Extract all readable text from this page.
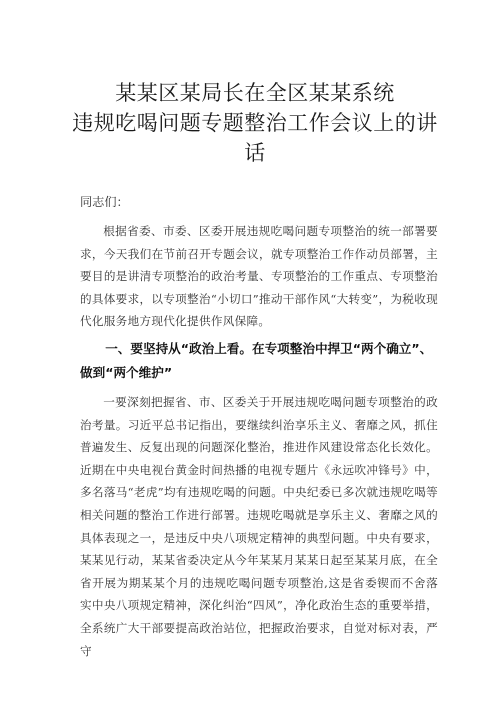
某某区某局长在全区某某系统
违规吃喝问题专题整治工作会议上的讲话
同志们：

根据省委、市委、区委开展违规吃喝问题专项整治的统一部署要求，今天我们在节前召开专题会议，就专项整治工作作动员部署，主要目的是讲清专项整治的政治考量、专项整治的工作重点、专项整治的具体要求，以专项整治“小切口”推动干部作风“大转变”，为税收现代化服务地方现代化提供作风保障。

一、要坚持从“政治上看。在专项整治中捍卫“两个确立”、做到“两个维护”

一要深刻把握省、市、区委关于开展违规吃喝问题专项整治的政治考量。习近平总书记指出，要继续纠治享乐主义、奢靡之风，抓住普遍发生、反复出现的问题深化整治，推进作风建设常态化长效化。近期在中央电视台黄金时间热播的电视专题片《永远吹冲锋号》中，多名落马“老虎”均有违规吃喝的问题。中央纪委已多次就违规吃喝等相关问题的整治工作进行部署。违规吃喝就是享乐主义、奢靡之风的具体表现之一，是违反中央八项规定精神的典型问题。中央有要求，某某见行动，某某省委决定从今年某某月某某日起至某某月底，在全省开展为期某某个月的违规吃喝问题专项整治,这是省委锲而不舍落实中央八项规定精神，深化纠治“四风”，净化政治生态的重要举措，全系统广大干部要提高政治站位，把握政治要求，自觉对标对表，严守
